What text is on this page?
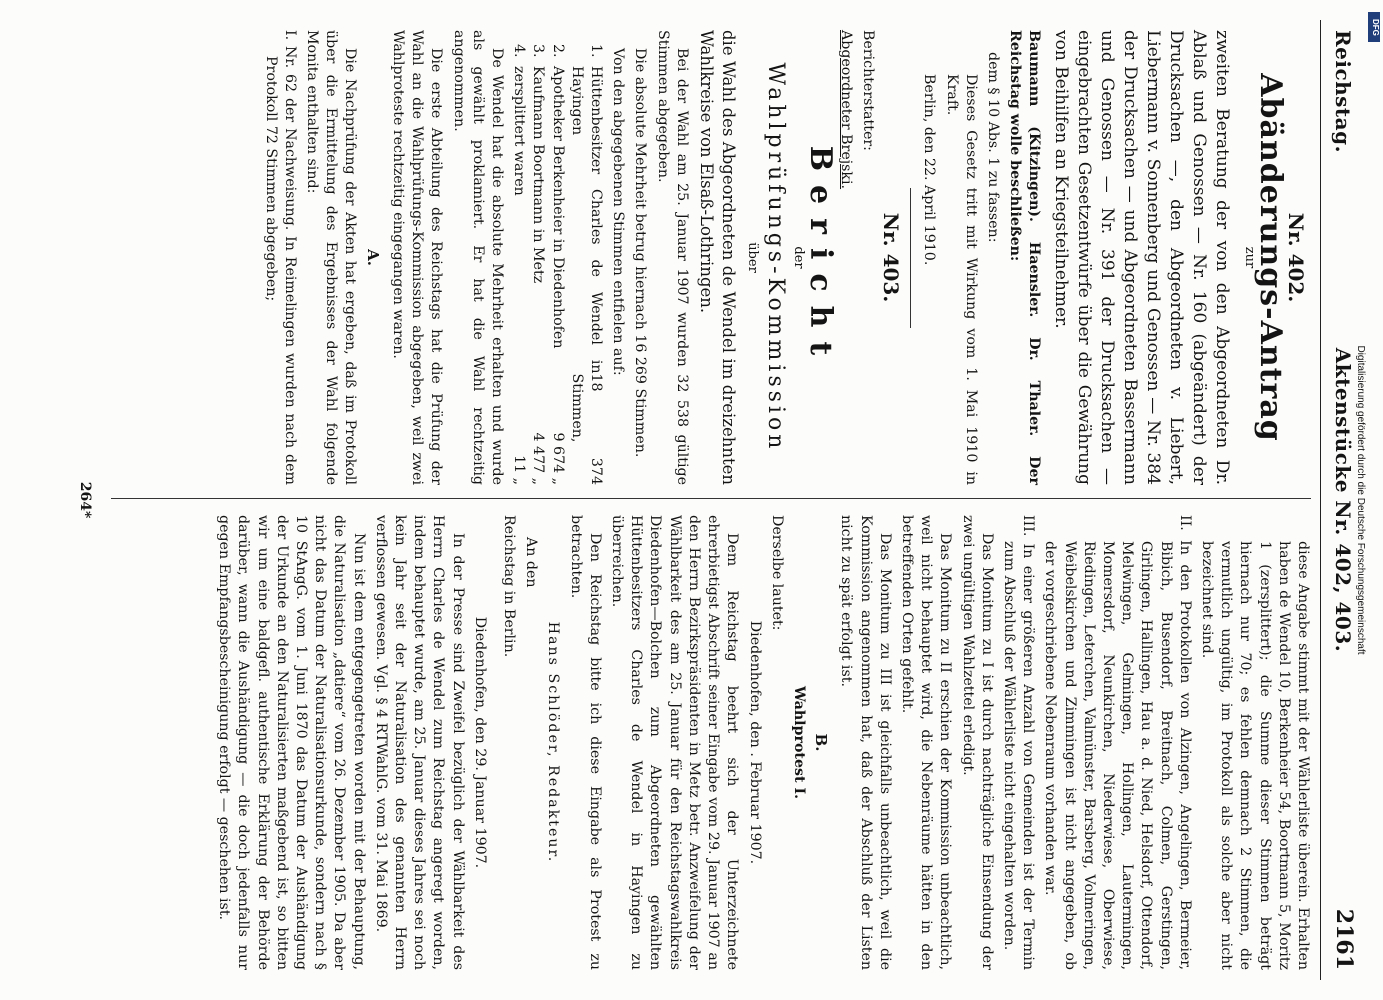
Reichstag.
Aktenstücke Nr. 402, 403.
2161
Nr. 402.
Abänderungs-Antrag
zur
zweiten Beratung der von den Abgeordneten Dr. Ablaß und Genossen — Nr. 160 (abgeändert) der Drucksachen —, den Abgeordneten v. Liebert, Liebermann v. Sonnenberg und Genossen — Nr. 384 der Drucksachen — und Abgeordneten Bassermann und Genossen — Nr. 391 der Drucksachen — eingebrachten Gesetzentwürfe über die Gewährung von Beihilfen an Kriegsteilnehmer.

Baumann (Kitzingen). Haensler. Dr. Thaler. Der Reichstag wolle beschließen:

dem § 10 Abs. 1 zu fassen:

Dieses Gesetz tritt mit Wirkung vom 1. Mai 1910 in Kraft.

Berlin, den 22. April 1910.

Nr. 403.

Berichterstatter:

Abgeordneter Brejski.

Bericht
der
Wahlprüfungs-Kommission
über
die Wahl des Abgeordneten de Wendel im dreizehnten Wahlkreise von Elsaß-Lothringen.

Bei der Wahl am 25. Januar 1907 wurden 32 538 gültige Stimmen abgegeben.

Die absolute Mehrheit betrug hiernach 16 269 Stimmen.

Von den abgegebenen Stimmen entfielen auf:

1.
Hüttenbesitzer Charles de Wendel in Hayingen
18 374 Stimmen,
2.
Apotheker Berkenheier in Diedenhofen
9 674 „
3.
Kaufmann Boortmann in Metz
4 477 „
4.
zersplittert waren
11 „

De Wendel hat die absolute Mehrheit erhalten und wurde als gewählt proklamiert. Er hat die Wahl rechtzeitig angenommen.

Die erste Abteilung des Reichstags hat die Prüfung der Wahl an die Wahlprüfungs-Kommission abgegeben, weil zwei Wahlproteste rechtzeitig eingegangen waren.

A.

Die Nachprüfung der Akten hat ergeben, daß im Protokoll über die Ermittelung des Ergebnisses der Wahl folgende Monita enthalten sind:

I. Nr. 62 der Nachweisung. In Reimelingen wurden nach dem Protokoll 72 Stimmen abgegeben;

diese Angabe stimmt mit der Wählerliste überein. Erhalten haben de Wendel 10, Berkenheier 54, Boortmann 5, Moritz 1 (zersplittert); die Summe dieser Stimmen beträgt hiernach nur 70; es fehlen demnach 2 Stimmen, die vermutlich ungültig, im Protokoll als solche aber nicht bezeichnet sind.

II. In den Protokollen von Alzingen, Angelingen, Bermeier, Bibich, Busendorf, Breitnach, Colmen, Gerstingen, Girlingen, Hallingen, Hau a. d. Nied, Helsdorf, Ottendorf, Melwingen, Gelmingen, Hollingen, Lautermingen, Momersdorf, Neunkirchen, Niederwiese, Oberwiese, Riedingen, Leterchen, Valmünster, Barsberg, Volmeringen, Weibelskirchen und Zimmingen ist nicht angegeben, ob der vorgeschriebene Nebenraum vorhanden war.

III. In einer größeren Anzahl von Gemeinden ist der Termin zum Abschluß der Wählerliste nicht eingehalten worden.

Das Monitum zu I ist durch nachträgliche Einsendung der zwei ungültigen Wahlzettel erledigt.

Das Monitum zu II erschien der Kommission unbeachtlich, weil nicht behauptet wird, die Nebenräume hätten in den betreffenden Orten gefehlt.

Das Monitum zu III ist gleichfalls unbeachtlich, weil die Kommission angenommen hat, daß der Abschluß der Listen nicht zu spät erfolgt ist.

B.

Wahlprotest I.

Derselbe lautet:

Diedenhofen, den . Februar 1907.

Dem Reichstag beehrt sich der Unterzeichnete ehrerbietigst Abschrift seiner Eingabe vom 29. Januar 1907 an den Herrn Bezirkspräsidenten in Metz betr. Anzweifelung der Wählbarkeit des am 25. Januar für den Reichstagswahlkreis Diedenhofen—Bolchen zum Abgeordneten gewählten Hüttenbesitzers Charles de Wendel in Hayingen zu überreichen.

Den Reichstag bitte ich diese Eingabe als Protest zu betrachten.

Hans Schlöder, Redakteur.

An den

Reichstag in Berlin.

Diedenhofen, den 29. Januar 1907.

In der Presse sind Zweifel bezüglich der Wählbarkeit des Herrn Charles de Wendel zum Reichstag angeregt worden, indem behauptet wurde, am 25. Januar dieses Jahres sei noch kein Jahr seit der Naturalisation des genannten Herrn verflossen gewesen. Vgl. § 4 RTWahlG. vom 31. Mai 1869.

Nun ist dem entgegengetreten worden mit der Behauptung, die Naturalisation „datiere“ vom 26. Dezember 1905. Da aber nicht das Datum der Naturalisationsurkunde, sondern nach § 10 StAngG. vom 1. Juni 1870 das Datum der Aushändigung der Urkunde an den Naturalisierten maßgebend ist, so bitten wir um eine baldgefl. authentische Erklärung der Behörde darüber, wann die Aushändigung — die doch jedenfalls nur gegen Empfangsbescheinigung erfolgt — geschehen ist.

264*	Digitalisierung gefördert durch die Deutsche Forschungsgemeinschaft
DFG
